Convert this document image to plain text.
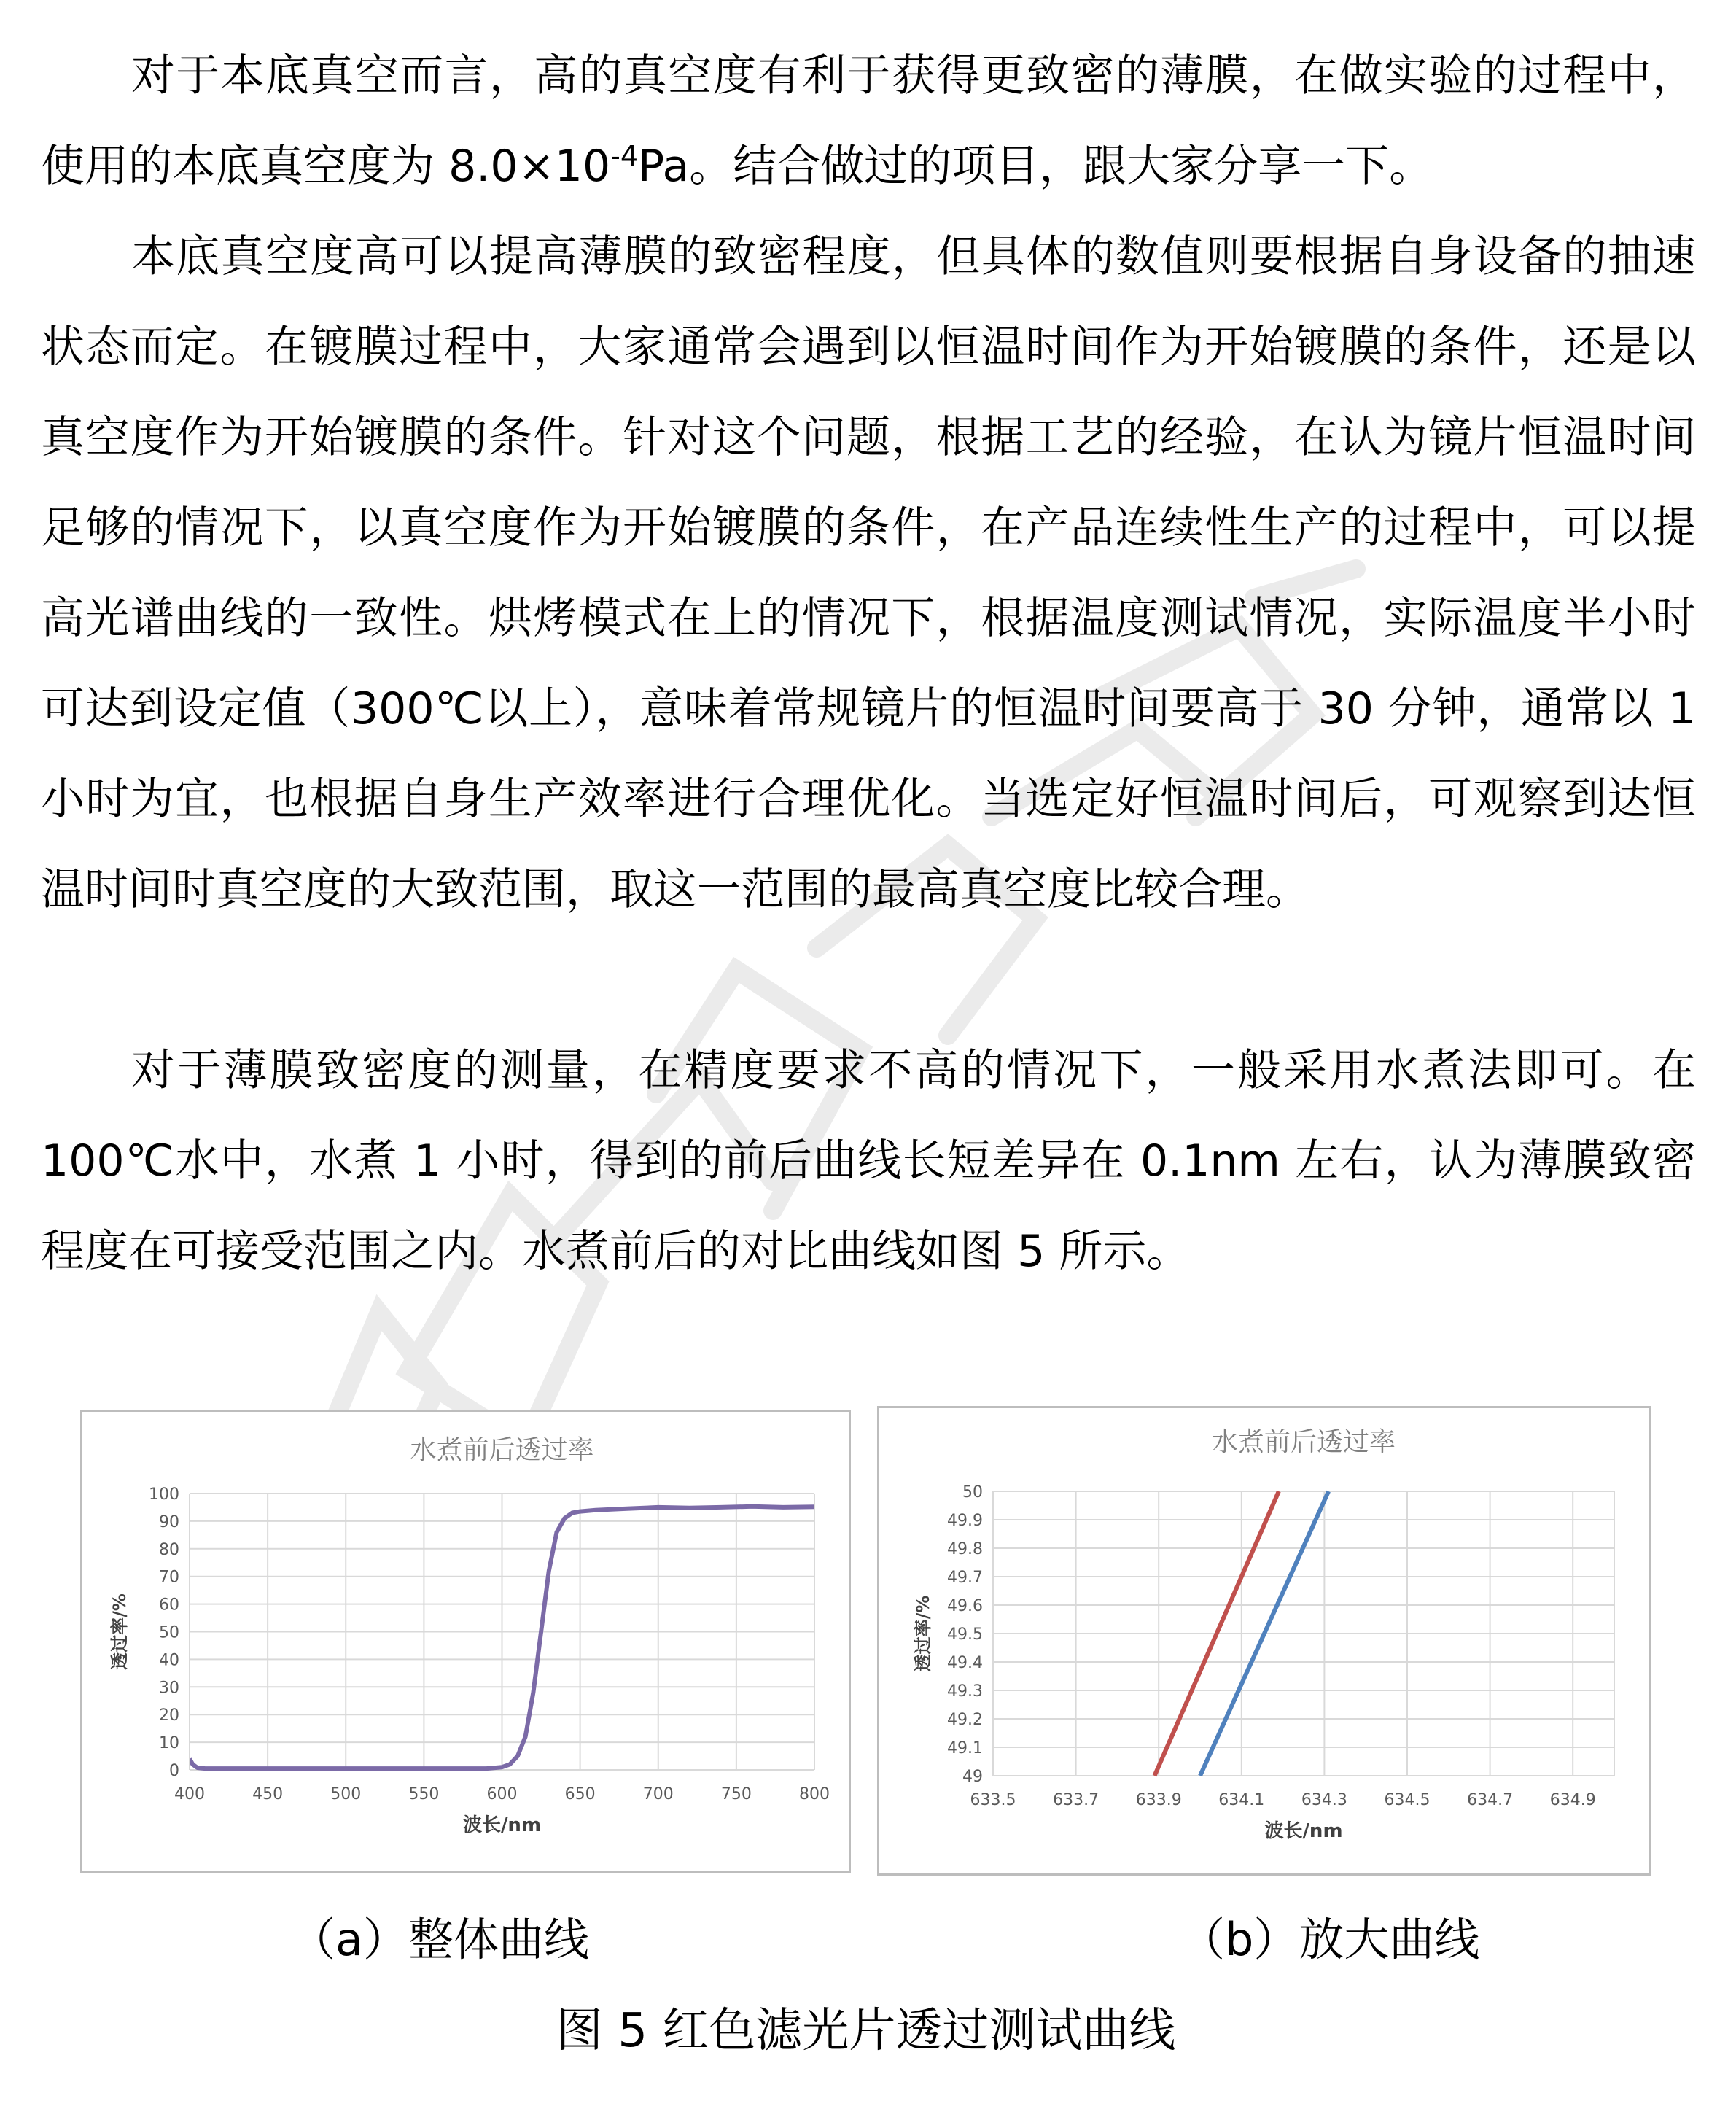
对于本底真空而言，高的真空度有利于获得更致密的薄膜，在做实验的过程中，使用的本底真空度为 $8.0\times 10^{-4}Pa$。结合做过的项目，跟大家分享一下。

本底真空度高可以提高薄膜的致密程度，但具体的数值则要根据自身设备的抽速状态而定。在镀膜过程中，大家通常会遇到以恒温时间作为开始镀膜的条件，还是以真空度作为开始镀膜的条件。针对这个问题，根据工艺的经验，在认为镜片恒温时间足够的情况下，以真空度作为开始镀膜的条件，在产品连续性生产的过程中，可以提高光谱曲线的一致性。烘烤模式在上的情况下，根据温度测试情况，实际温度半小时可达到设定值（300℃以上），意味着常规镜片的恒温时间要高于 30 分钟，通常以 1 小时为宜，也根据自身生产效率进行合理优化。当选定好恒温时间后，可观察到达恒温时间时真空度的大致范围，取这一范围的最高真空度比较合理。

对于薄膜致密度的测量，在精度要求不高的情况下，一般采用水煮法即可。在 100℃水中，水煮 1 小时，得到的前后曲线长短差异在 0.1nm 左右，认为薄膜致密程度在可接受范围之内。水煮前后的对比曲线如图 5 所示。

水煮前后透过率
0
10
20
30
40
50
60
70
80
90
100
400	450	500	550	600	650	700	750	800
波长/nm
透过率/%
水煮前后透过率
49
49.1
49.2
49.3
49.4
49.5
49.6
49.7
49.8
49.9
50
633.5 633.7 633.9 634.1 634.3 634.5 634.7 634.9
波长/nm
透过率/%
（a）整体曲线	（b）放大曲线
图 5 红色滤光片透过测试曲线
